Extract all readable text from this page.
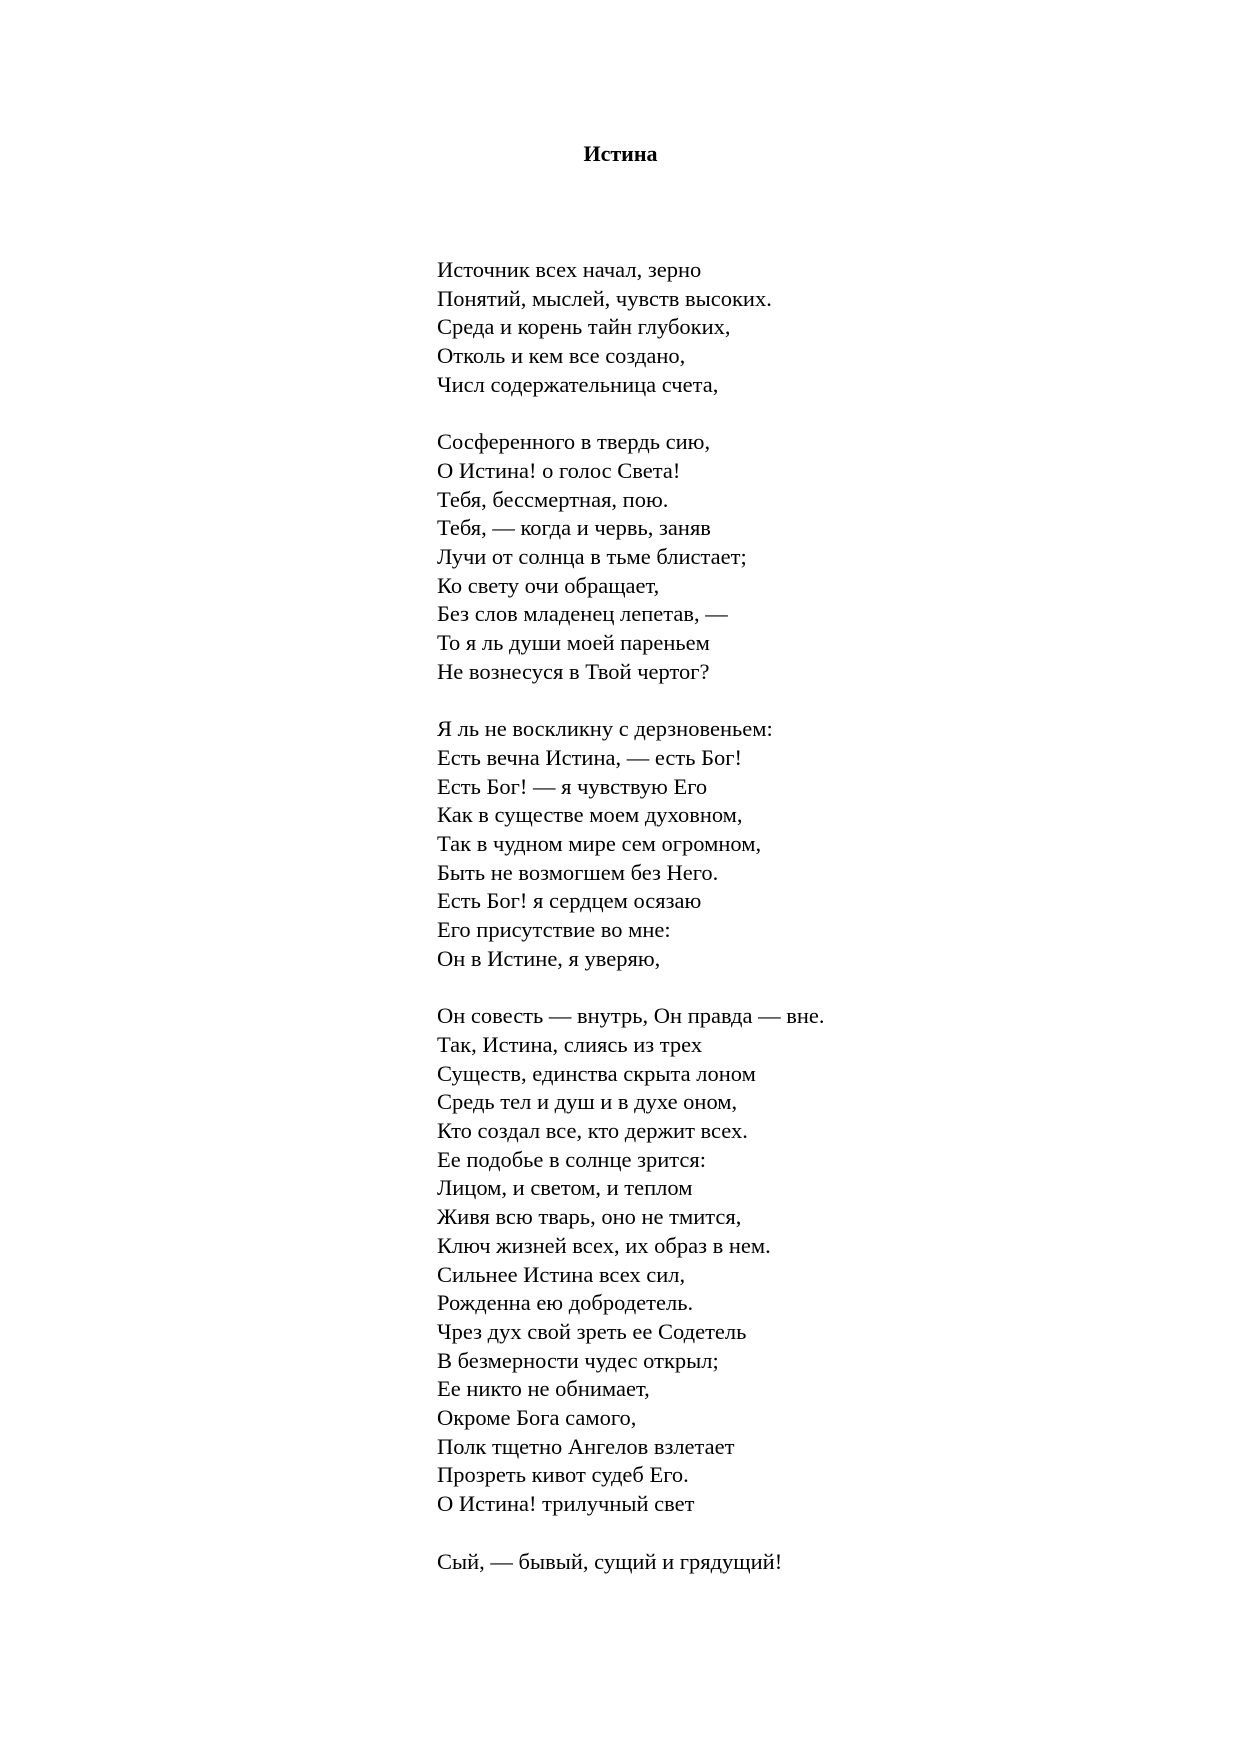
Истина
Источник всех начал, зерно
Понятий, мыслей, чувств высоких.
Среда и корень тайн глубоких,
Отколь и кем все создано,
Числ содержательница счета,
Сосференного в твердь сию,
О Истина! о голос Света!
Тебя, бессмертная, пою.
Тебя, — когда и червь, заняв
Лучи от солнца в тьме блистает;
Ко свету очи обращает,
Без слов младенец лепетав, —
То я ль души моей пареньем
Не вознесуся в Твой чертог?
Я ль не воскликну с дерзновеньем:
Есть вечна Истина, — есть Бог!
Есть Бог! — я чувствую Его
Как в существе моем духовном,
Так в чудном мире сем огромном,
Быть не возмогшем без Него.
Есть Бог! я сердцем осязаю
Его присутствие во мне:
Он в Истине, я уверяю,
Он совесть — внутрь, Он правда — вне.
Так, Истина, слиясь из трех
Существ, единства скрыта лоном
Средь тел и душ и в духе оном,
Кто создал все, кто держит всех.
Ее подобье в солнце зрится:
Лицом, и светом, и теплом
Живя всю тварь, оно не тмится,
Ключ жизней всех, их образ в нем.
Сильнее Истина всех сил,
Рожденна ею добродетель.
Чрез дух свой зреть ее Содетель
В безмерности чудес открыл;
Ее никто не обнимает,
Окроме Бога самого,
Полк тщетно Ангелов взлетает
Прозреть кивот судеб Его.
О Истина! трилучный свет
Сый, — бывый, сущий и грядущий!
